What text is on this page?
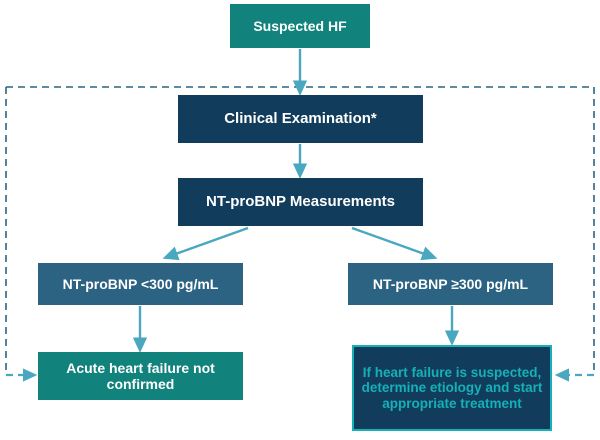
Suspected HF
Clinical Examination*
NT-proBNP Measurements
NT-proBNP <300 pg/mL	NT-proBNP ≥300 pg/mL
Acute heart failure not confirmed
If heart failure is suspected, determine etiology and start appropriate treatment
